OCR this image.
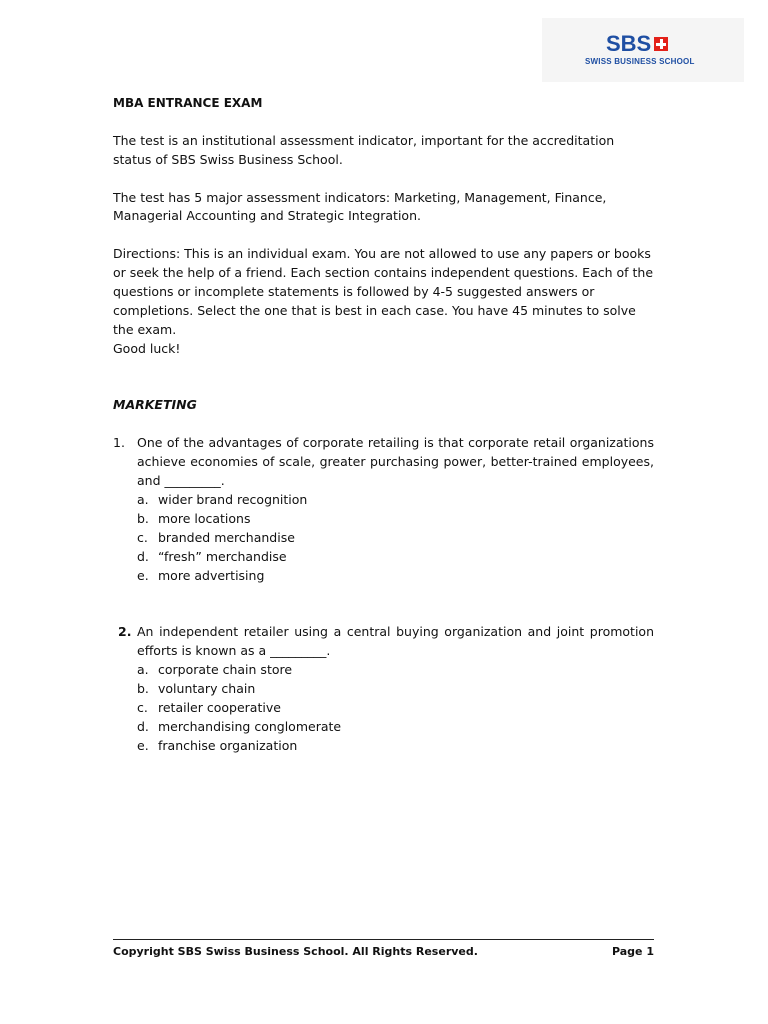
SBS
SWISS BUSINESS SCHOOL

MBA ENTRANCE EXAM

The test is an institutional assessment indicator, important for the accreditation status of SBS Swiss Business School.

The test has 5 major assessment indicators: Marketing, Management, Finance, Managerial Accounting and Strategic Integration.

Directions: This is an individual exam. You are not allowed to use any papers or books or seek the help of a friend. Each section contains independent questions. Each of the questions or incomplete statements is followed by 4-5 suggested answers or completions. Select the one that is best in each case. You have 45 minutes to solve the exam.

Good luck!

MARKETING

1. One of the advantages of corporate retailing is that corporate retail organizations achieve economies of scale, greater purchasing power, better-trained employees, and _________.

a. wider brand recognition
b. more locations
c. branded merchandise
d. “fresh” merchandise
e. more advertising
2. An independent retailer using a central buying organization and joint promotion efforts is known as a _________.

a. corporate chain store
b. voluntary chain
c. retailer cooperative
d. merchandising conglomerate
e. franchise organization
Copyright SBS Swiss Business School. All Rights Reserved.	Page 1
